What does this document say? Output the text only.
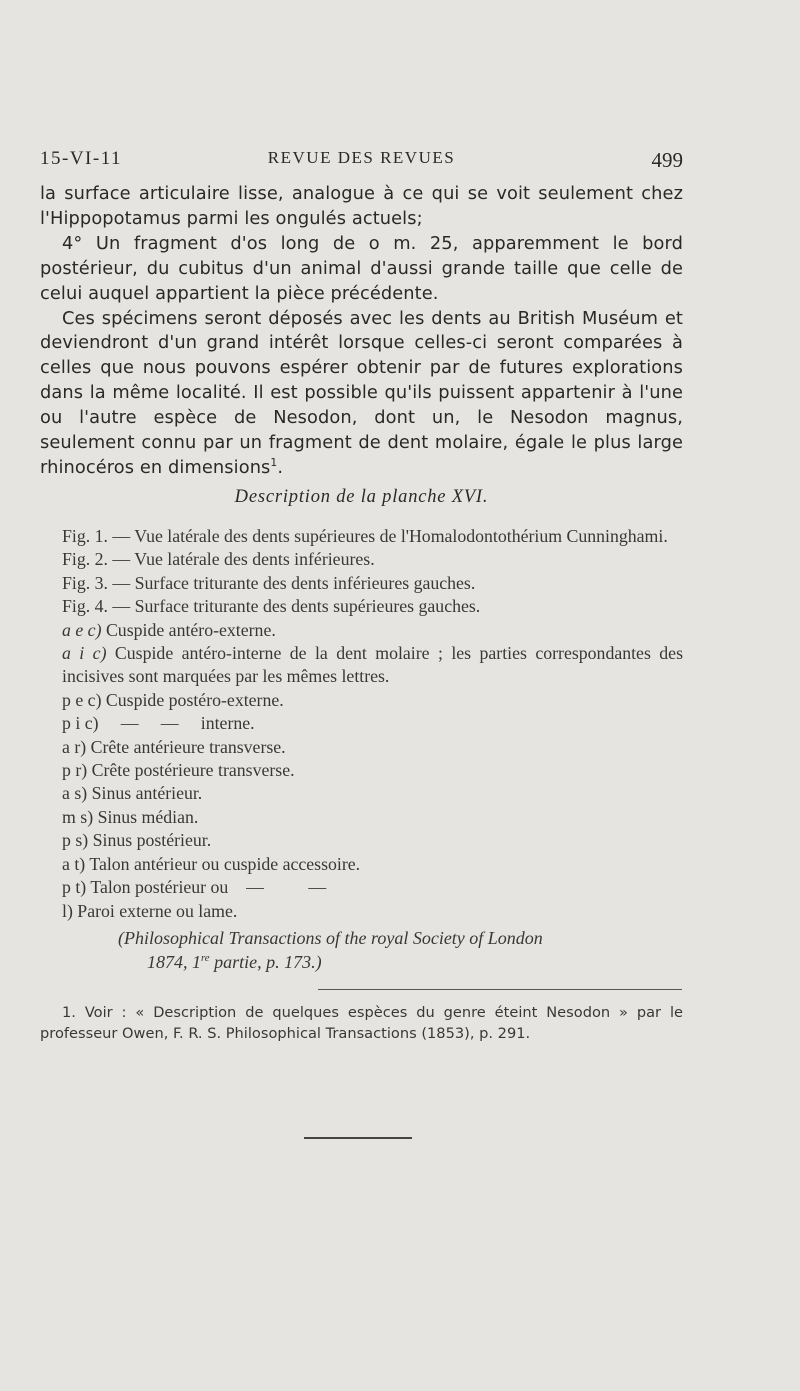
15-VI-11	REVUE DES REVUES	499

la surface articulaire lisse, analogue à ce qui se voit seulement chez l'Hippopotamus parmi les ongulés actuels;

4° Un fragment d'os long de o m. 25, apparemment le bord postérieur, du cubitus d'un animal d'aussi grande taille que celle de celui auquel appartient la pièce précédente.

Ces spécimens seront déposés avec les dents au British Muséum et deviendront d'un grand intérêt lorsque celles-ci seront comparées à celles que nous pouvons espérer obtenir par de futures explorations dans la même localité. Il est possible qu'ils puissent appartenir à l'une ou l'autre espèce de Nesodon, dont un, le Nesodon magnus, seulement connu par un fragment de dent molaire, égale le plus large rhinocéros en dimensions$^1$.

Description de la planche XVI.

Fig. 1. — Vue latérale des dents supérieures de l'Homalodontothérium Cunninghami.

Fig. 2. — Vue latérale des dents inférieures.

Fig. 3. — Surface triturante des dents inférieures gauches.

Fig. 4. — Surface triturante des dents supérieures gauches.

a e c) Cuspide antéro-externe.

a i c) Cuspide antéro-interne de la dent molaire ; les parties correspondantes des incisives sont marquées par les mêmes lettres.

p e c) Cuspide postéro-externe.

p i c)     —     —     interne.

a r) Crête antérieure transverse.

p r) Crête postérieure transverse.

a s) Sinus antérieur.

m s) Sinus médian.

p s) Sinus postérieur.

a t) Talon antérieur ou cuspide accessoire.

p t) Talon postérieur ou    —          —

l) Paroi externe ou lame.

(Philosophical Transactions of the royal Society of London
1874, 1re partie, p. 173.)

1. Voir : « Description de quelques espèces du genre éteint Nesodon » par le professeur Owen, F. R. S. Philosophical Transactions (1853), p. 291.
